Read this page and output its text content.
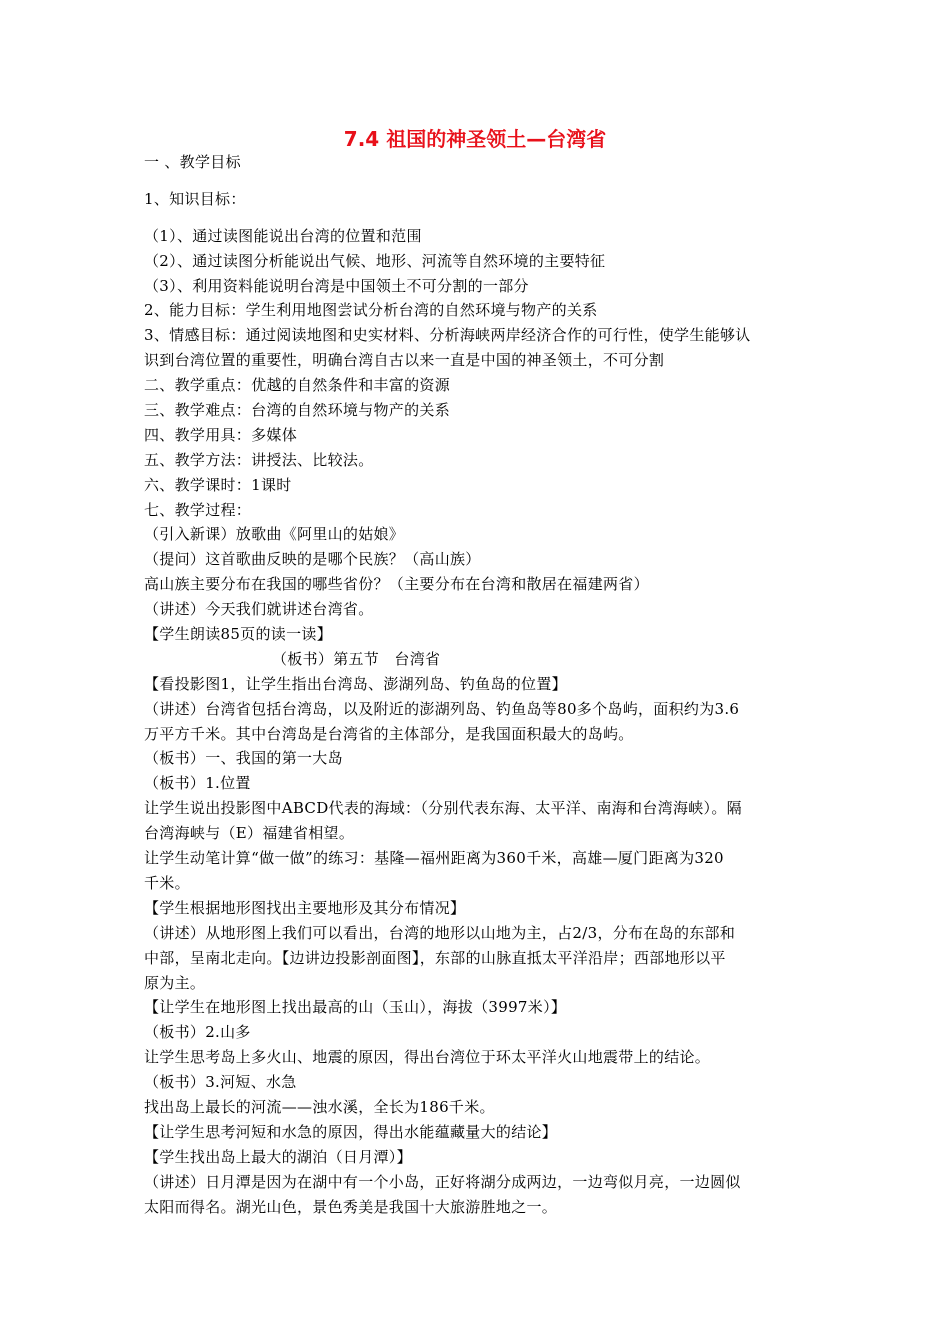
7.4 祖国的神圣领土—台湾省
一 、教学目标
1、知识目标：
（1）、通过读图能说出台湾的位置和范围
（2）、通过读图分析能说出气候、地形、河流等自然环境的主要特征
（3）、利用资料能说明台湾是中国领土不可分割的一部分
2、能力目标：学生利用地图尝试分析台湾的自然环境与物产的关系
3、情感目标：通过阅读地图和史实材料、分析海峡两岸经济合作的可行性，使学生能够认
识到台湾位置的重要性，明确台湾自古以来一直是中国的神圣领土，不可分割
二、教学重点：优越的自然条件和丰富的资源
三、教学难点：台湾的自然环境与物产的关系
四、教学用具：多媒体
五、教学方法：讲授法、比较法。
六、教学课时：1课时
七、教学过程：
（引入新课）放歌曲《阿里山的姑娘》
（提问）这首歌曲反映的是哪个民族？（高山族）
高山族主要分布在我国的哪些省份？（主要分布在台湾和散居在福建两省）
（讲述）今天我们就讲述台湾省。
【学生朗读85页的读一读】
（板书）第五节　台湾省
【看投影图1，让学生指出台湾岛、澎湖列岛、钓鱼岛的位置】
（讲述）台湾省包括台湾岛，以及附近的澎湖列岛、钓鱼岛等80多个岛屿，面积约为3.6
万平方千米。其中台湾岛是台湾省的主体部分，是我国面积最大的岛屿。
（板书）一、我国的第一大岛
（板书）1.位置
让学生说出投影图中ABCD代表的海域：（分别代表东海、太平洋、南海和台湾海峡）。隔
台湾海峡与（E）福建省相望。
让学生动笔计算“做一做”的练习：基隆—福州距离为360千米，高雄—厦门距离为320
千米。
【学生根据地形图找出主要地形及其分布情况】
（讲述）从地形图上我们可以看出，台湾的地形以山地为主，占2/3，分布在岛的东部和
中部，呈南北走向。【边讲边投影剖面图】，东部的山脉直抵太平洋沿岸；西部地形以平
原为主。
【让学生在地形图上找出最高的山（玉山），海拔（3997米）】
（板书）2.山多
让学生思考岛上多火山、地震的原因，得出台湾位于环太平洋火山地震带上的结论。
（板书）3.河短、水急
找出岛上最长的河流——浊水溪，全长为186千米。
【让学生思考河短和水急的原因，得出水能蕴藏量大的结论】
【学生找出岛上最大的湖泊（日月潭）】
（讲述）日月潭是因为在湖中有一个小岛，正好将湖分成两边，一边弯似月亮，一边圆似
太阳而得名。湖光山色，景色秀美是我国十大旅游胜地之一。
